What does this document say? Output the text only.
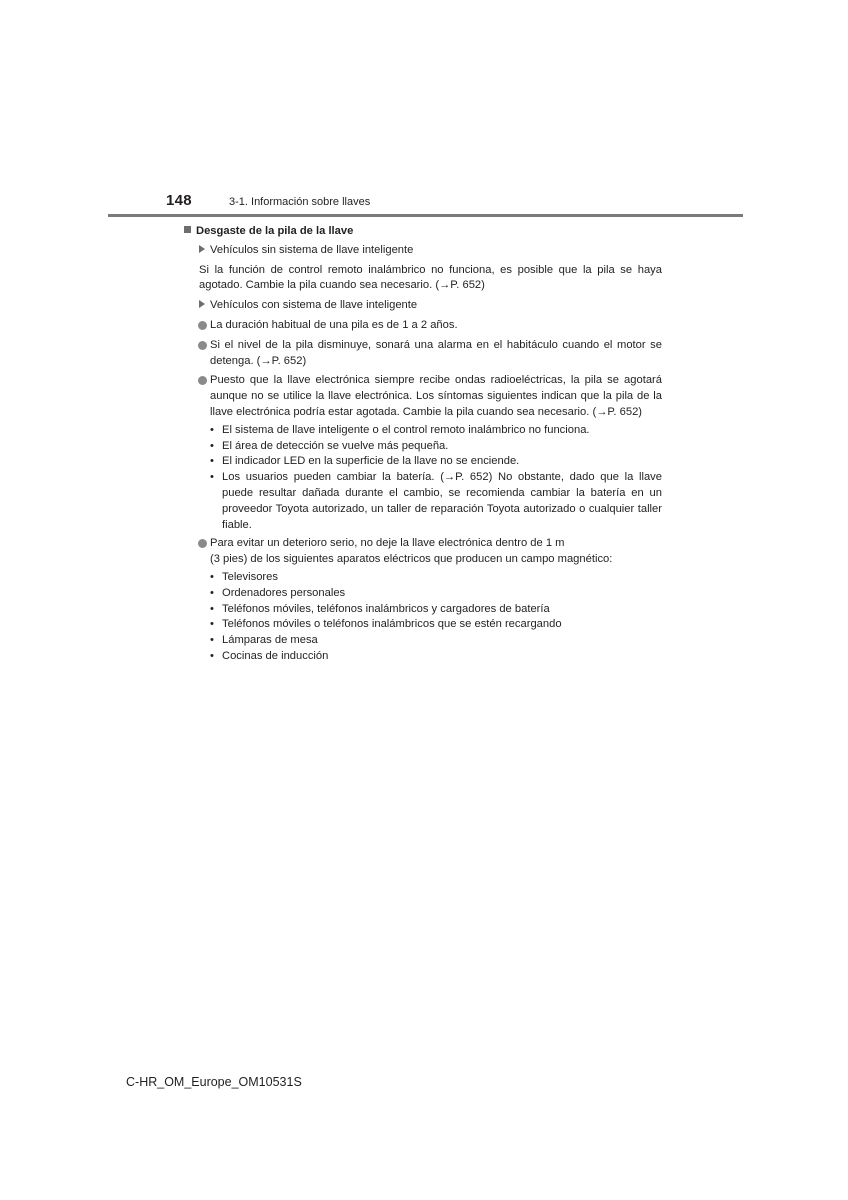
148	3-1. Información sobre llaves
Desgaste de la pila de la llave
Vehículos sin sistema de llave inteligente
Si la función de control remoto inalámbrico no funciona, es posible que la pila se haya agotado. Cambie la pila cuando sea necesario. (→P. 652)
Vehículos con sistema de llave inteligente
La duración habitual de una pila es de 1 a 2 años.
Si el nivel de la pila disminuye, sonará una alarma en el habitáculo cuando el motor se detenga. (→P. 652)
Puesto que la llave electrónica siempre recibe ondas radioeléctricas, la pila se agotará aunque no se utilice la llave electrónica. Los síntomas siguientes indican que la pila de la llave electrónica podría estar agotada. Cambie la pila cuando sea necesario. (→P. 652)
• El sistema de llave inteligente o el control remoto inalámbrico no funciona.
• El área de detección se vuelve más pequeña.
• El indicador LED en la superficie de la llave no se enciende.
• Los usuarios pueden cambiar la batería. (→P. 652) No obstante, dado que la llave puede resultar dañada durante el cambio, se recomienda cambiar la batería en un proveedor Toyota autorizado, un taller de reparación Toyota autorizado o cualquier taller fiable.
Para evitar un deterioro serio, no deje la llave electrónica dentro de 1 m
(3 pies) de los siguientes aparatos eléctricos que producen un campo magnético:
• Televisores
• Ordenadores personales
• Teléfonos móviles, teléfonos inalámbricos y cargadores de batería
• Teléfonos móviles o teléfonos inalámbricos que se estén recargando
• Lámparas de mesa
• Cocinas de inducción
C-HR_OM_Europe_OM10531S
